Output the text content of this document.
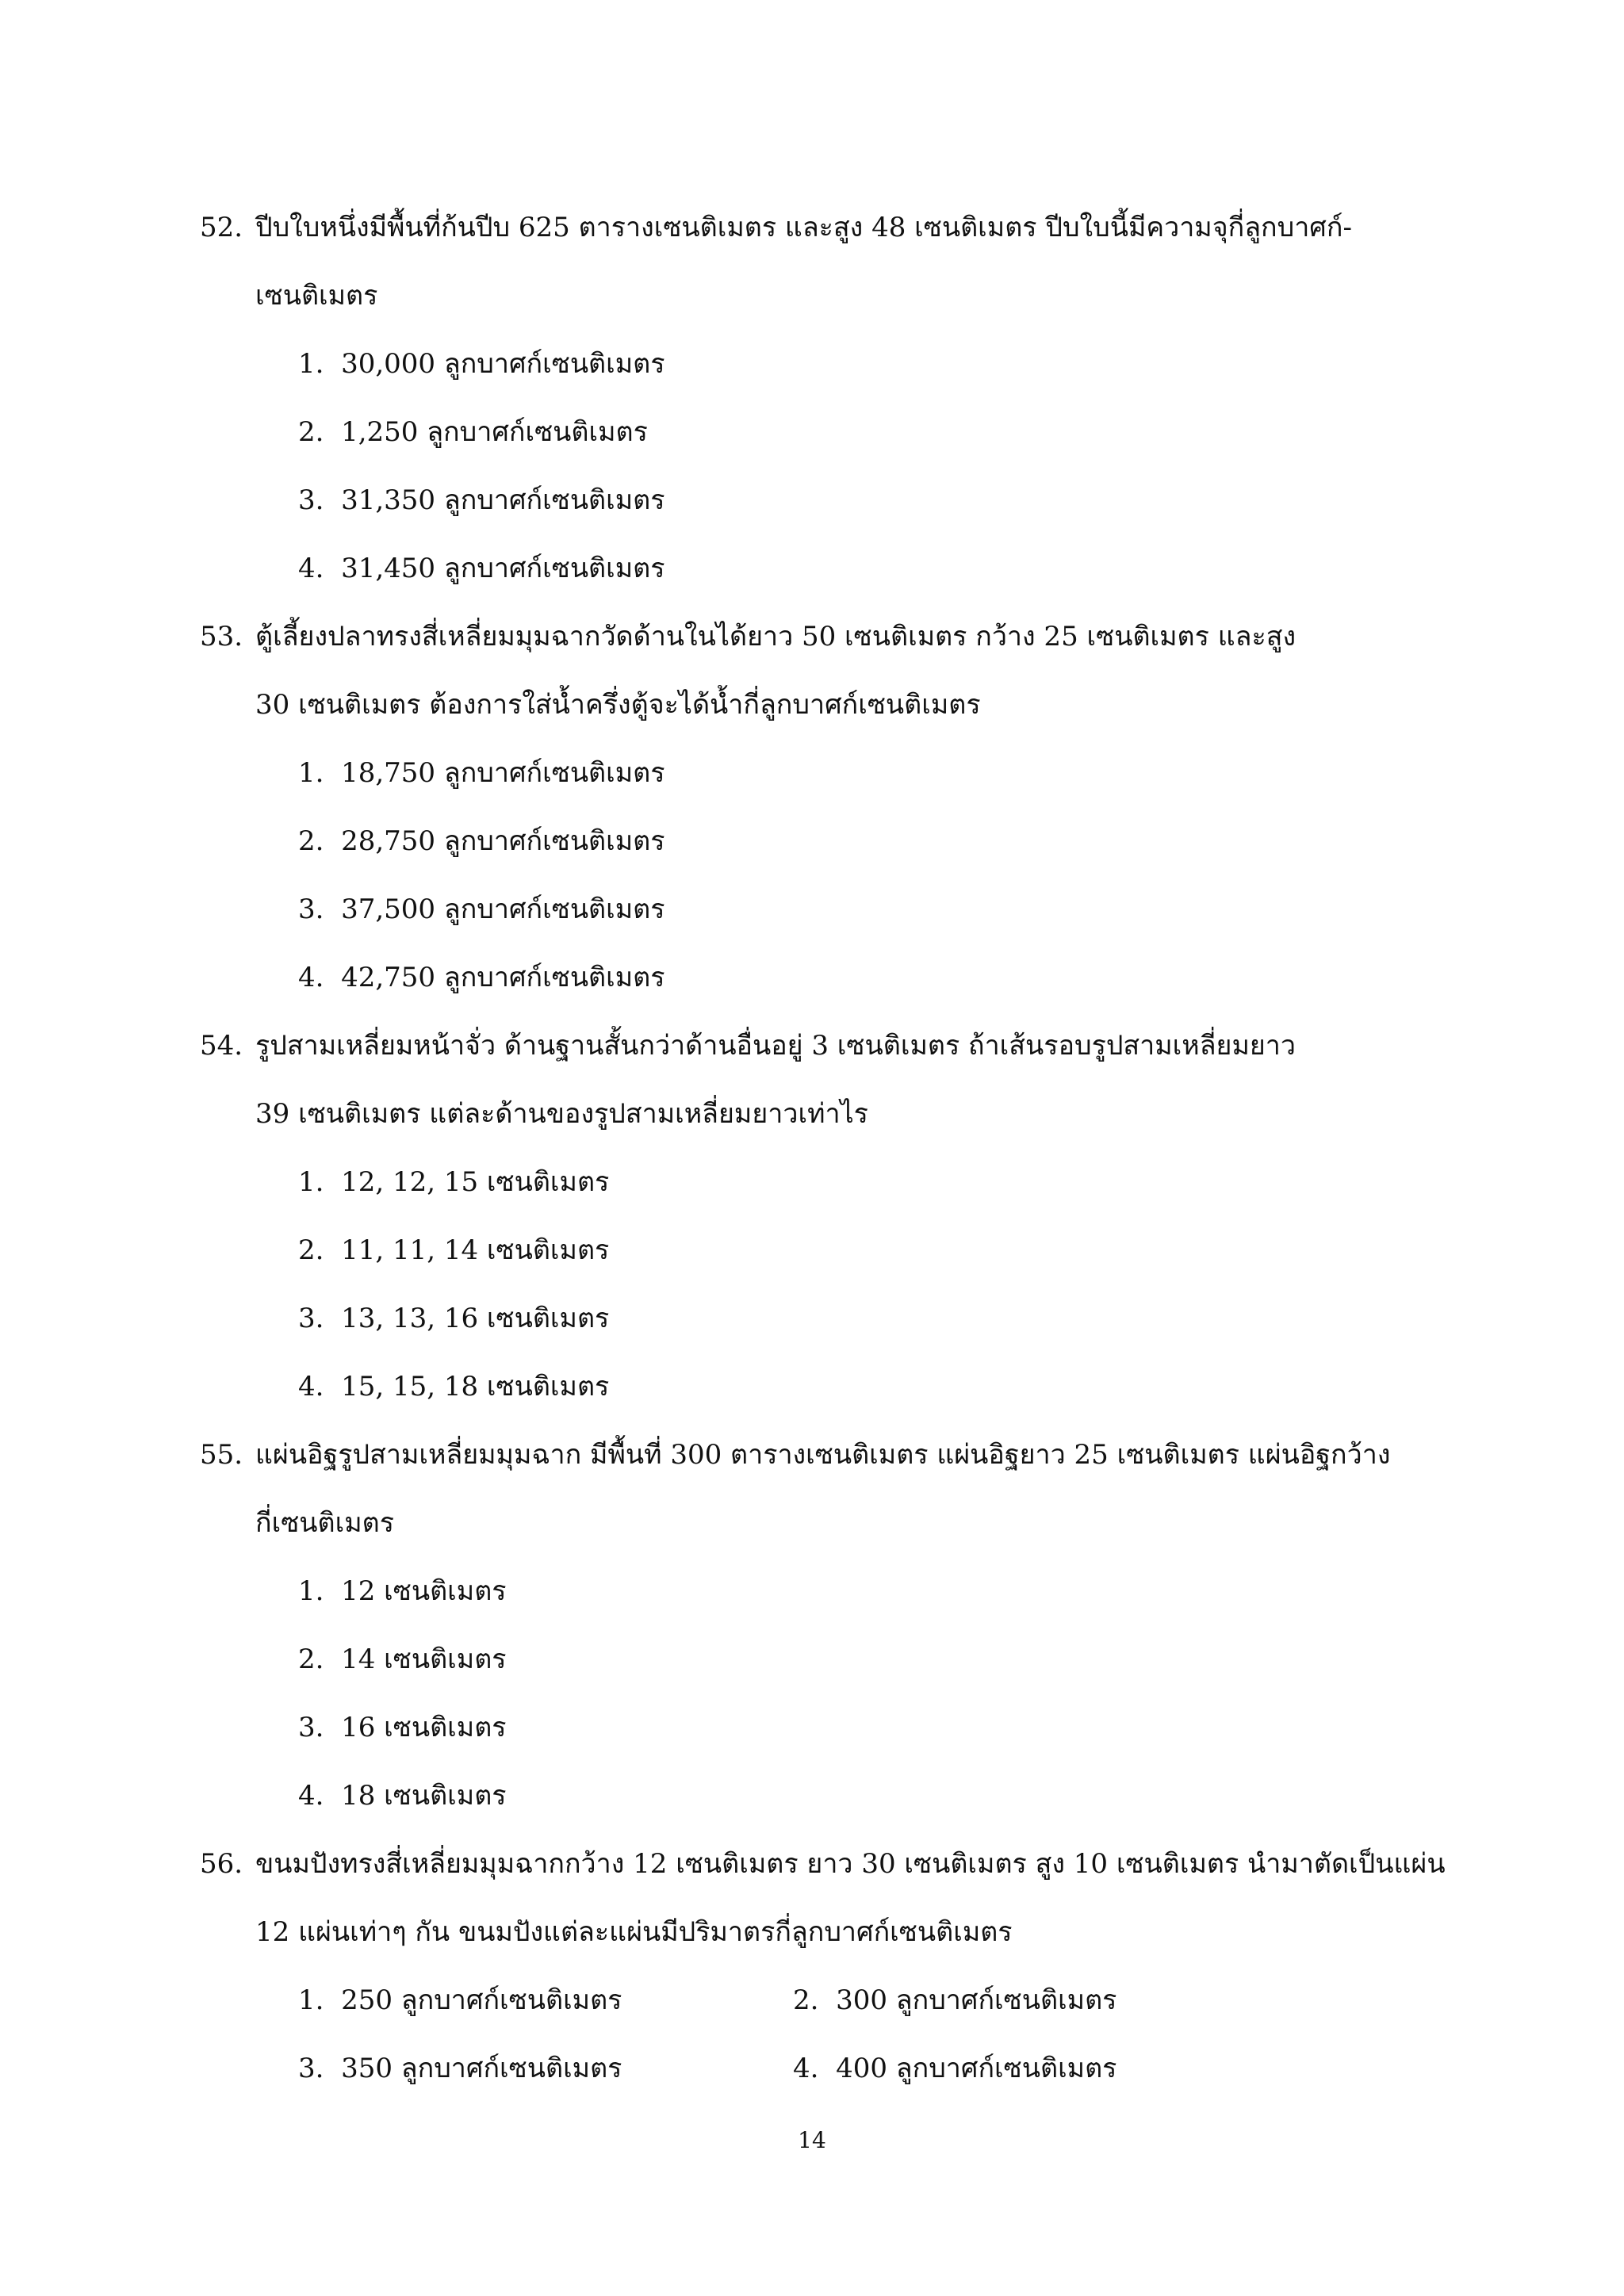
52. ปีบใบหนึ่งมีพื้นที่ก้นปีบ 625 ตารางเซนติเมตร และสูง 48 เซนติเมตร ปีบใบนี้มีความจุกี่ลูกบาศก์-
เซนติเมตร
1. 30,000 ลูกบาศก์เซนติเมตร
2. 1,250 ลูกบาศก์เซนติเมตร
3. 31,350 ลูกบาศก์เซนติเมตร
4. 31,450 ลูกบาศก์เซนติเมตร
53. ตู้เลี้ยงปลาทรงสี่เหลี่ยมมุมฉากวัดด้านในได้ยาว 50 เซนติเมตร กว้าง 25 เซนติเมตร และสูง
30 เซนติเมตร ต้องการใส่น้ำครึ่งตู้จะได้น้ำกี่ลูกบาศก์เซนติเมตร
1. 18,750 ลูกบาศก์เซนติเมตร
2. 28,750 ลูกบาศก์เซนติเมตร
3. 37,500 ลูกบาศก์เซนติเมตร
4. 42,750 ลูกบาศก์เซนติเมตร
54. รูปสามเหลี่ยมหน้าจั่ว ด้านฐานสั้นกว่าด้านอื่นอยู่ 3 เซนติเมตร ถ้าเส้นรอบรูปสามเหลี่ยมยาว
39 เซนติเมตร แต่ละด้านของรูปสามเหลี่ยมยาวเท่าไร
1. 12, 12, 15 เซนติเมตร
2. 11, 11, 14 เซนติเมตร
3. 13, 13, 16 เซนติเมตร
4. 15, 15, 18 เซนติเมตร
55. แผ่นอิฐรูปสามเหลี่ยมมุมฉาก มีพื้นที่ 300 ตารางเซนติเมตร แผ่นอิฐยาว 25 เซนติเมตร แผ่นอิฐกว้าง
กี่เซนติเมตร
1. 12 เซนติเมตร
2. 14 เซนติเมตร
3. 16 เซนติเมตร
4. 18 เซนติเมตร
56. ขนมปังทรงสี่เหลี่ยมมุมฉากกว้าง 12 เซนติเมตร ยาว 30 เซนติเมตร สูง 10 เซนติเมตร นำมาตัดเป็นแผ่น
12 แผ่นเท่าๆ กัน ขนมปังแต่ละแผ่นมีปริมาตรกี่ลูกบาศก์เซนติเมตร
1. 250 ลูกบาศก์เซนติเมตร	2. 300 ลูกบาศก์เซนติเมตร
3. 350 ลูกบาศก์เซนติเมตร	4. 400 ลูกบาศก์เซนติเมตร
14
